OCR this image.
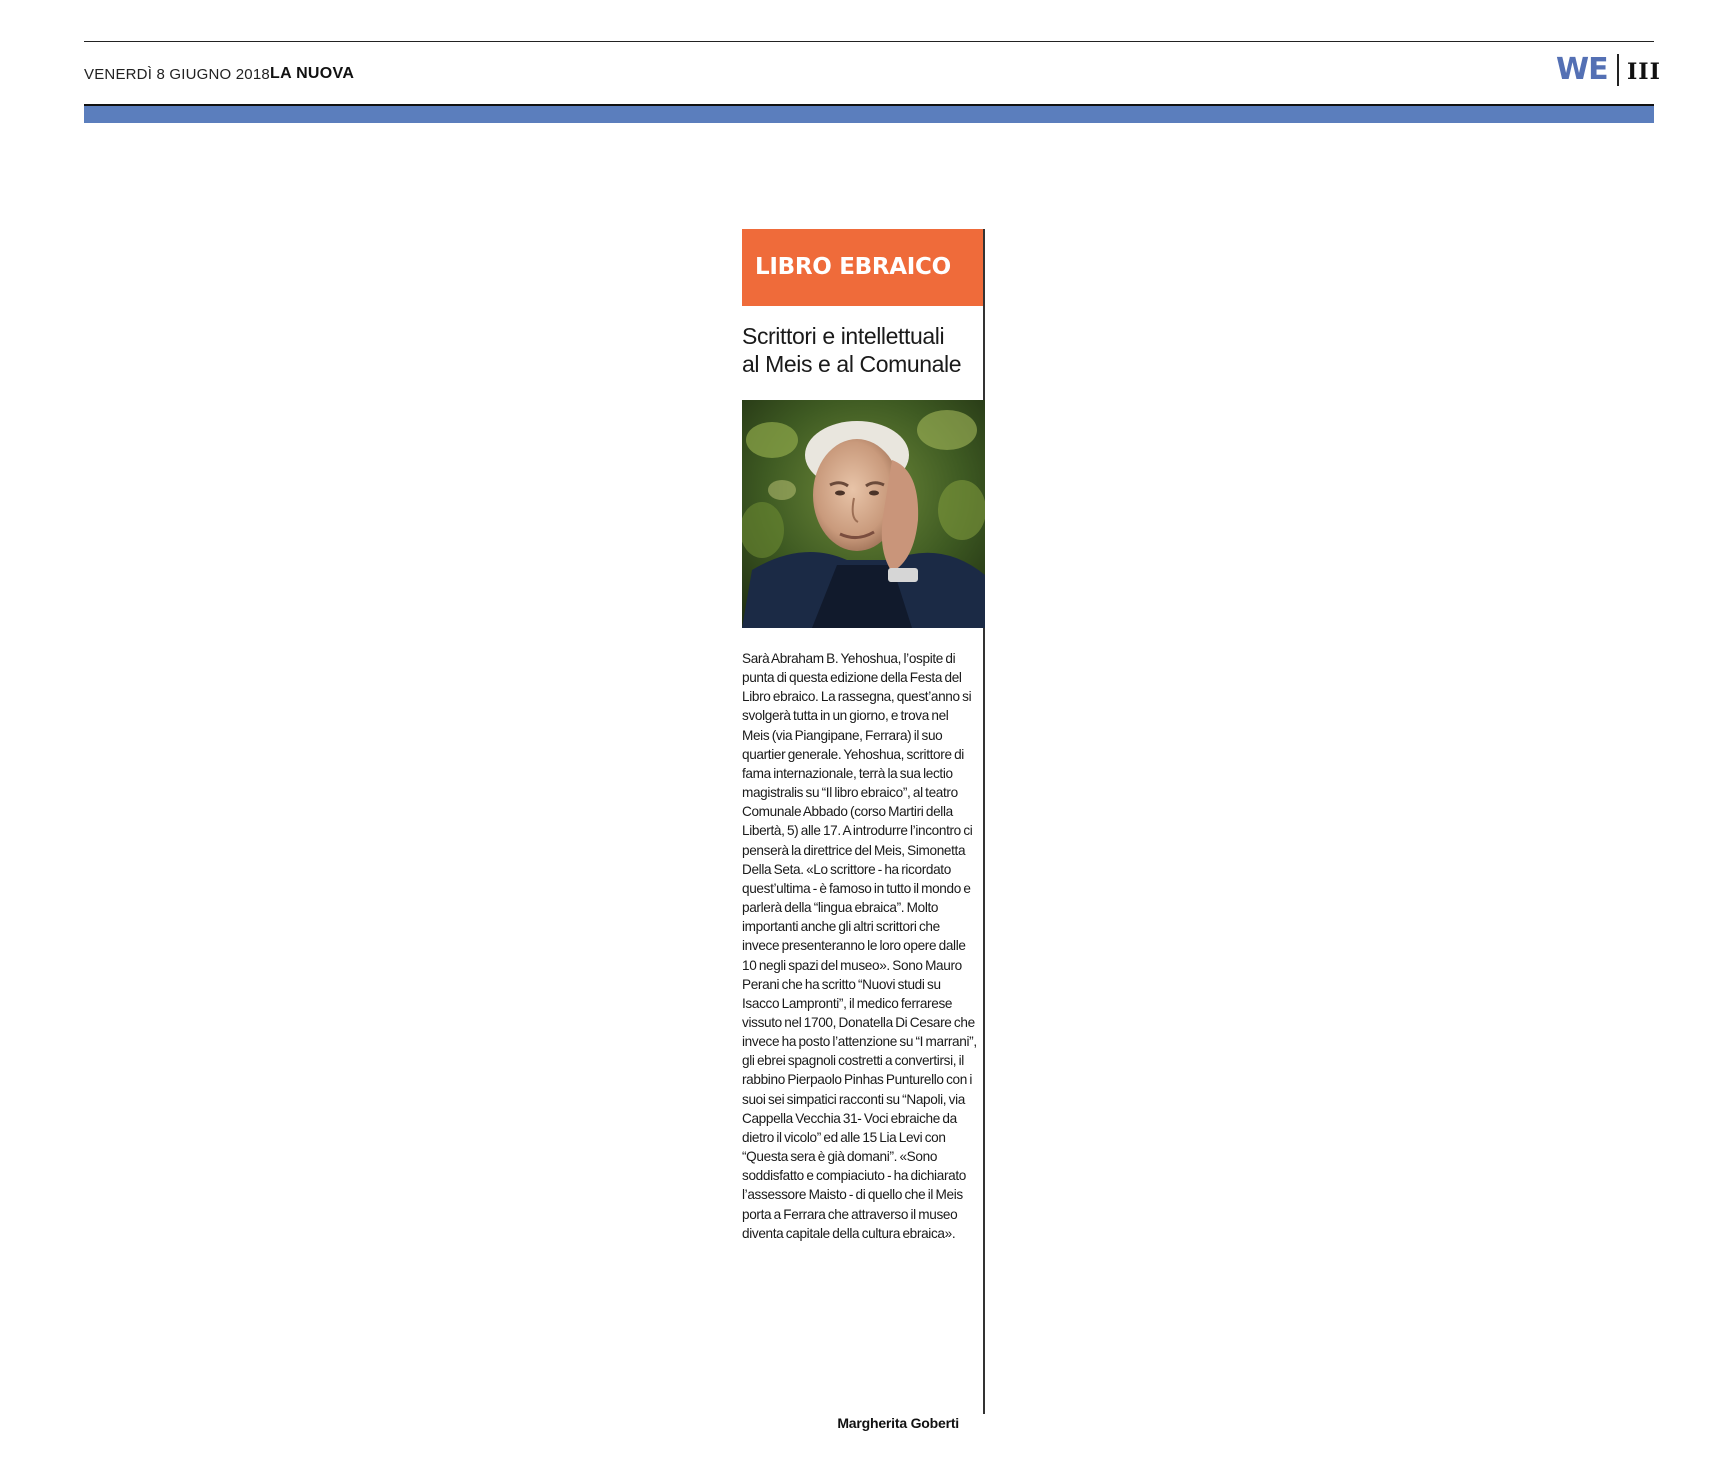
VENERDÌ 8 GIUGNO 2018 LA NUOVA	WE III
LIBRO EBRAICO
Scrittori e intellettuali
al Meis e al Comunale
Sarà Abraham B. Yehoshua, l’ospite di punta di questa edizione della Festa del Libro ebraico. La rassegna, quest’anno si svolgerà tutta in un giorno, e trova nel Meis (via Piangipane, Ferrara) il suo quartier generale. Yehoshua, scrittore di fama internazionale, terrà la sua lectio magistralis su “Il libro ebraico”, al teatro Comunale Abbado (corso Martiri della Libertà, 5) alle 17. A introdurre l’incontro ci penserà la direttrice del Meis, Simonetta Della Seta. «Lo scrittore - ha ricordato quest’ultima - è famoso in tutto il mondo e parlerà della “lingua ebraica”. Molto importanti anche gli altri scrittori che invece presenteranno le loro opere dalle 10 negli spazi del museo». Sono Mauro Perani che ha scritto “Nuovi studi su Isacco Lampronti”, il medico ferrarese vissuto nel 1700, Donatella Di Cesare che invece ha posto l’attenzione su “I marrani”, gli ebrei spagnoli costretti a convertirsi, il rabbino Pierpaolo Pinhas Punturello con i suoi sei simpatici racconti su “Napoli, via Cappella Vecchia 31- Voci ebraiche da dietro il vicolo” ed alle 15 Lia Levi con “Questa sera è già domani”. «Sono soddisfatto e compiaciuto - ha dichiarato l’assessore Maisto - di quello che il Meis porta a Ferrara che attraverso il museo diventa capitale della cultura ebraica».
Margherita Goberti
